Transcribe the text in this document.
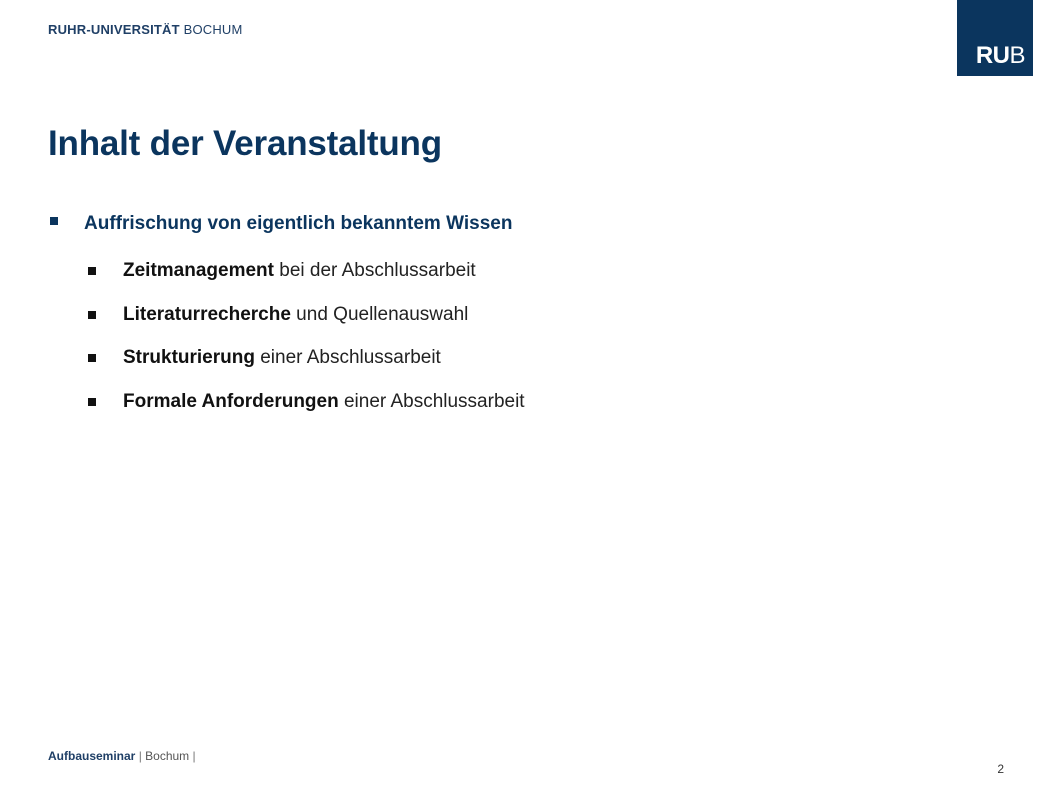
RUHR-UNIVERSITÄT BOCHUM
RUB
Inhalt der Veranstaltung
Auffrischung von eigentlich bekanntem Wissen
Zeitmanagement bei der Abschlussarbeit
Literaturrecherche und Quellenauswahl
Strukturierung einer Abschlussarbeit
Formale Anforderungen einer Abschlussarbeit
Aufbauseminar | Bochum |
2
